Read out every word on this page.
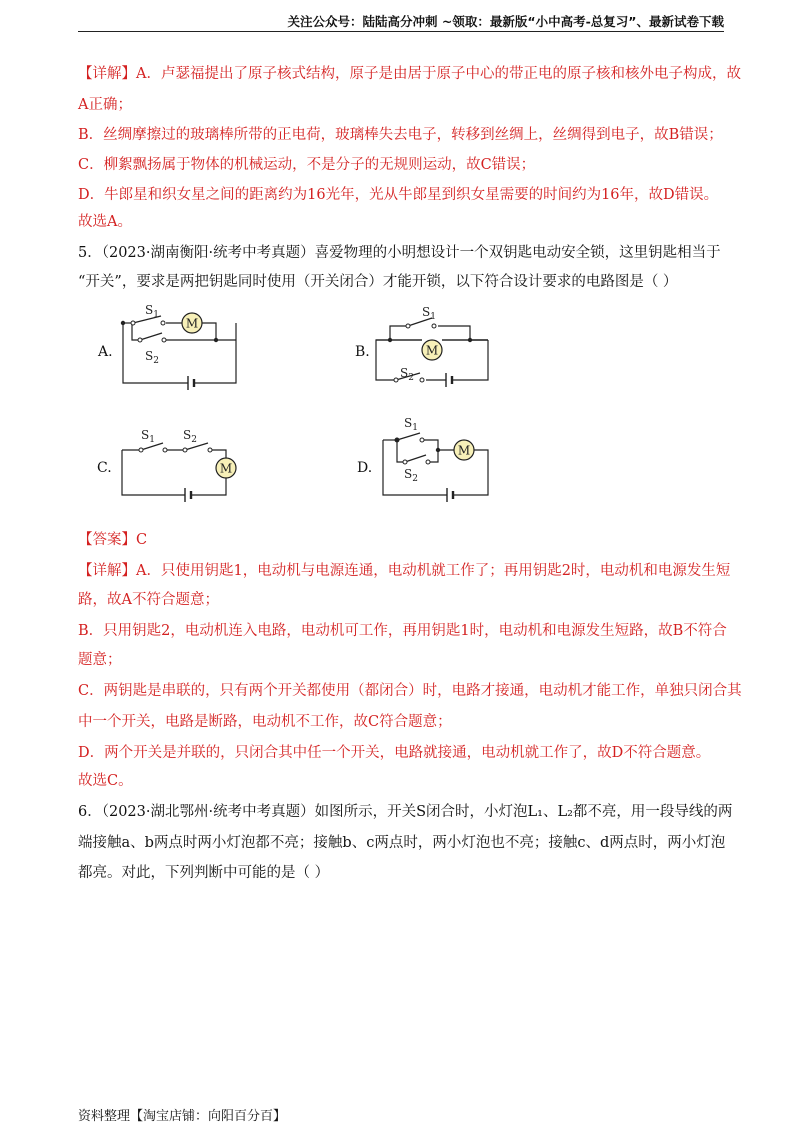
关注公众号：陆陆高分冲刺 ~领取：最新版“小中高考-总复习”、最新试卷下载
【详解】A．卢瑟福提出了原子核式结构，原子是由居于原子中心的带正电的原子核和核外电子构成，故
A正确；
B．丝绸摩擦过的玻璃棒所带的正电荷，玻璃棒失去电子，转移到丝绸上，丝绸得到电子，故B错误；
C．柳絮飘扬属于物体的机械运动，不是分子的无规则运动，故C错误；
D．牛郎星和织女星之间的距离约为16光年，光从牛郎星到织女星需要的时间约为16年，故D错误。
故选A。
5．（2023·湖南衡阳·统考中考真题）喜爱物理的小明想设计一个双钥匙电动安全锁，这里钥匙相当于
“开关”，要求是两把钥匙同时使用（开关闭合）才能开锁，以下符合设计要求的电路图是（ ）
A.	B.
C.	D.
M
M
M
M
$S_1$
$S_2$
$S_1$
$S_2$
$S_1$ $S_2$
$S_1$
$S_2$
【答案】C
【详解】A．只使用钥匙1，电动机与电源连通，电动机就工作了；再用钥匙2时，电动机和电源发生短
路，故A不符合题意；
B．只用钥匙2，电动机连入电路，电动机可工作，再用钥匙1时，电动机和电源发生短路，故B不符合
题意；
C．两钥匙是串联的，只有两个开关都使用（都闭合）时，电路才接通，电动机才能工作，单独只闭合其
中一个开关，电路是断路，电动机不工作，故C符合题意；
D．两个开关是并联的，只闭合其中任一个开关，电路就接通，电动机就工作了，故D不符合题意。
故选C。
6．（2023·湖北鄂州·统考中考真题）如图所示，开关S闭合时，小灯泡L₁、L₂都不亮，用一段导线的两
端接触a、b两点时两小灯泡都不亮；接触b、c两点时，两小灯泡也不亮；接触c、d两点时，两小灯泡
都亮。对此，下列判断中可能的是（ ）
资料整理【淘宝店铺：向阳百分百】
